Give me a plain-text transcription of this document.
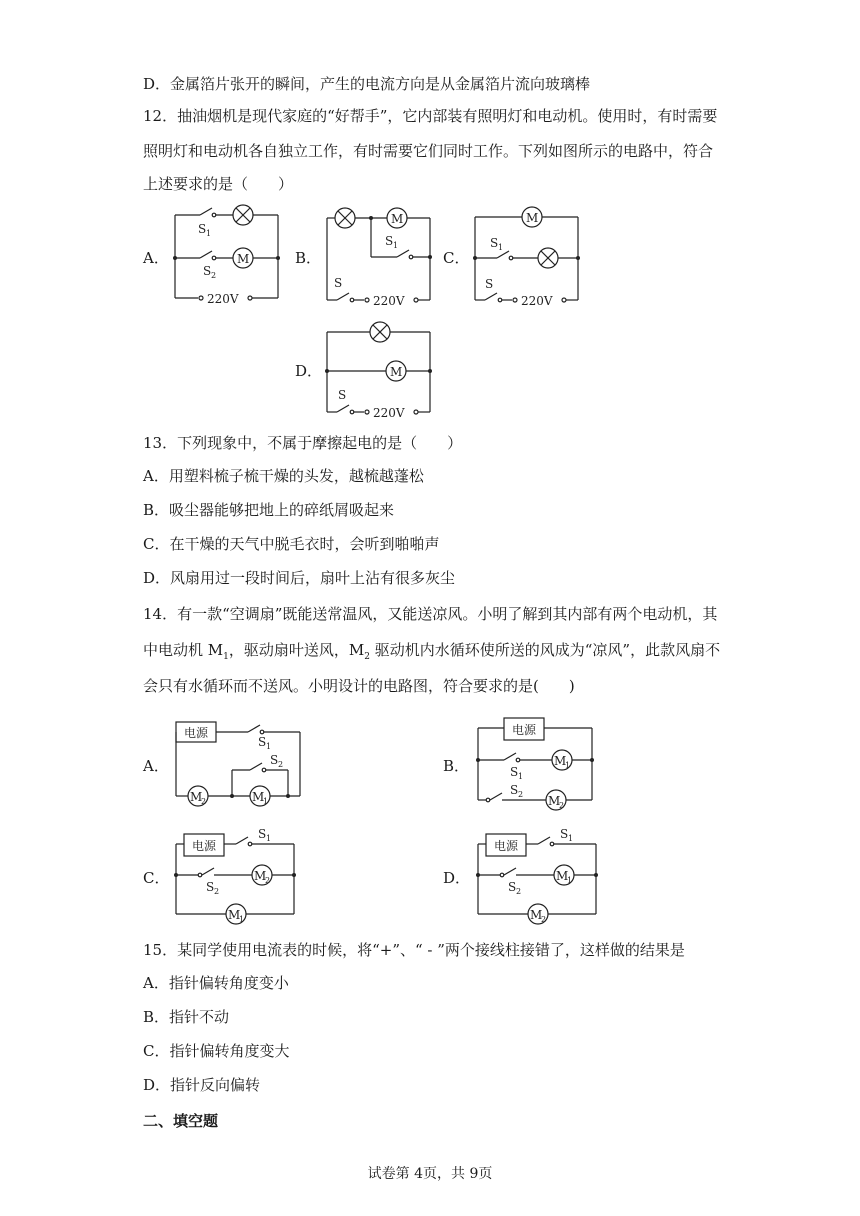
D．金属箔片张开的瞬间，产生的电流方向是从金属箔片流向玻璃棒
12．抽油烟机是现代家庭的“好帮手”，它内部装有照明灯和电动机。使用时，有时需要
照明灯和电动机各自独立工作，有时需要它们同时工作。下列如图所示的电路中，符合
上述要求的是（　　）
A．	B．	C．
D．
M
S 1
S 2
220V
M
S 1
S
220V
M
S 1
S
220V
M
S
220V
13．下列现象中，不属于摩擦起电的是（　　）
A．用塑料梳子梳干燥的头发，越梳越蓬松
B．吸尘器能够把地上的碎纸屑吸起来
C．在干燥的天气中脱毛衣时，会听到啪啪声
D．风扇用过一段时间后，扇叶上沾有很多灰尘
14．有一款“空调扇”既能送常温风，又能送凉风。小明了解到其内部有两个电动机，其
中电动机 $M_1$，驱动扇叶送风，$M_2$ 驱动机内水循环使所送的风成为“凉风”，此款风扇不
会只有水循环而不送风。小明设计的电路图，符合要求的是(　　)
A．	B．
C．	D．
电源
S 1
M
2	M
1
S 2
电源
M
1
S 1
S 2 M
2
电源
S 1
S 2
M
2
M
1
电源
S 1
S 2
M
1
M
2
15．某同学使用电流表的时候，将“+”、“ - ”两个接线柱接错了，这样做的结果是
A．指针偏转角度变小
B．指针不动
C．指针偏转角度变大
D．指针反向偏转
二、填空题
试卷第 4页，共 9页
